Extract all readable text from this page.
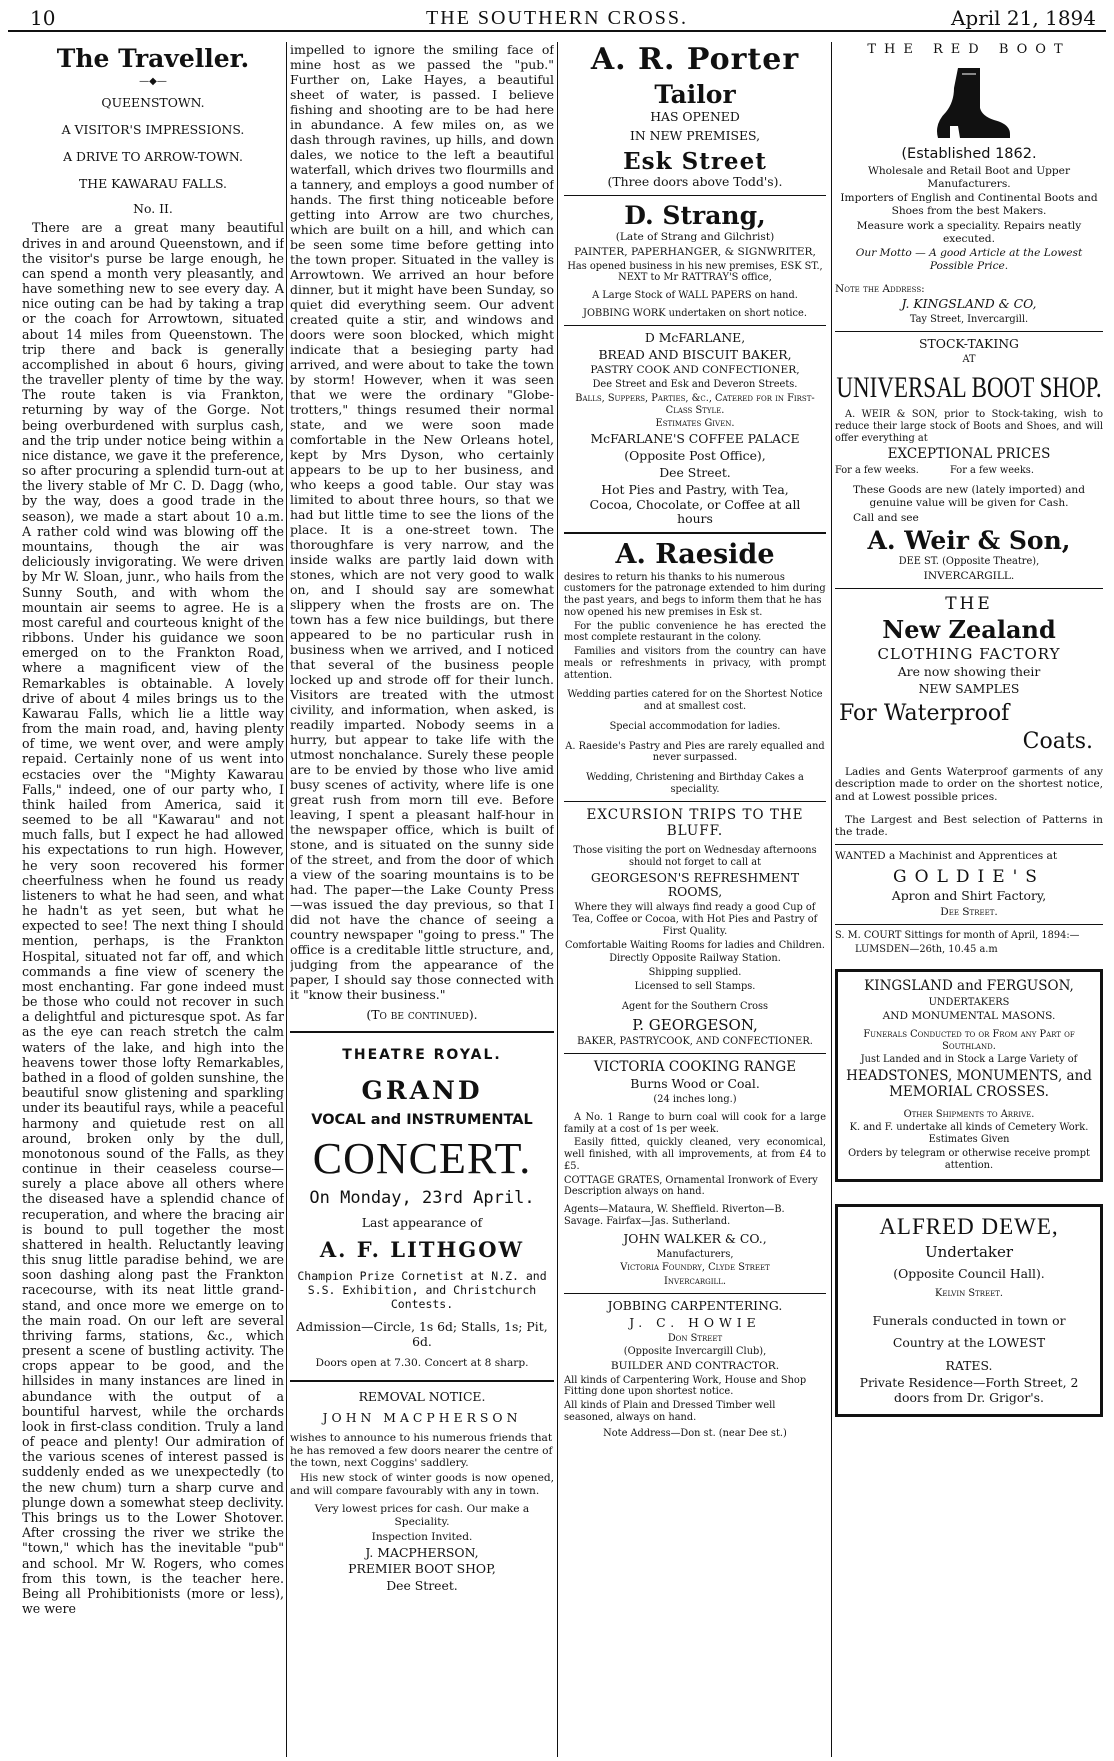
10	THE SOUTHERN CROSS.	April 21, 1894
The Traveller.
—◆—

QUEENSTOWN.

A VISITOR'S IMPRESSIONS.

A DRIVE TO ARROW-TOWN.

THE KAWARAU FALLS.

No. II.

There are a great many beautiful drives in and around Queenstown, and if the visitor's purse be large enough, he can spend a month very pleasantly, and have something new to see every day. A nice outing can be had by taking a trap or the coach for Arrowtown, situated about 14 miles from Queenstown. The trip there and back is generally accomplished in about 6 hours, giving the traveller plenty of time by the way. The route taken is via Frankton, returning by way of the Gorge. Not being overburdened with surplus cash, and the trip under notice being within a nice distance, we gave it the preference, so after procuring a splendid turn-out at the livery stable of Mr C. D. Dagg (who, by the way, does a good trade in the season), we made a start about 10 a.m. A rather cold wind was blowing off the mountains, though the air was deliciously invigorating. We were driven by Mr W. Sloan, junr., who hails from the Sunny South, and with whom the mountain air seems to agree. He is a most careful and courteous knight of the ribbons. Under his guidance we soon emerged on to the Frankton Road, where a magnificent view of the Remarkables is obtainable. A lovely drive of about 4 miles brings us to the Kawarau Falls, which lie a little way from the main road, and, having plenty of time, we went over, and were amply repaid. Certainly none of us went into ecstacies over the "Mighty Kawarau Falls," indeed, one of our party who, I think hailed from America, said it seemed to be all "Kawarau" and not much falls, but I expect he had allowed his expectations to run high. However, he very soon recovered his former cheerfulness when he found us ready listeners to what he had seen, and what he hadn't as yet seen, but what he expected to see! The next thing I should mention, perhaps, is the Frankton Hospital, situated not far off, and which commands a fine view of scenery the most enchanting. Far gone indeed must be those who could not recover in such a delightful and picturesque spot. As far as the eye can reach stretch the calm waters of the lake, and high into the heavens tower those lofty Remarkables, bathed in a flood of golden sunshine, the beautiful snow glistening and sparkling under its beautiful rays, while a peaceful harmony and quietude rest on all around, broken only by the dull, monotonous sound of the Falls, as they continue in their ceaseless course—surely a place above all others where the diseased have a splendid chance of recuperation, and where the bracing air is bound to pull together the most shattered in health. Reluctantly leaving this snug little paradise behind, we are soon dashing along past the Frankton racecourse, with its neat little grand-stand, and once more we emerge on to the main road. On our left are several thriving farms, stations, &c., which present a scene of bustling activity. The crops appear to be good, and the hillsides in many instances are lined in abundance with the output of a bountiful harvest, while the orchards look in first-class condition. Truly a land of peace and plenty! Our admiration of the various scenes of interest passed is suddenly ended as we unexpectedly (to the new chum) turn a sharp curve and plunge down a somewhat steep declivity. This brings us to the Lower Shotover. After crossing the river we strike the "town," which has the inevitable "pub" and school. Mr W. Rogers, who comes from this town, is the teacher here. Being all Prohibitionists (more or less), we were

impelled to ignore the smiling face of mine host as we passed the "pub." Further on, Lake Hayes, a beautiful sheet of water, is passed. I believe fishing and shooting are to be had here in abundance. A few miles on, as we dash through ravines, up hills, and down dales, we notice to the left a beautiful waterfall, which drives two flourmills and a tannery, and employs a good number of hands. The first thing noticeable before getting into Arrow are two churches, which are built on a hill, and which can be seen some time before getting into the town proper. Situated in the valley is Arrowtown. We arrived an hour before dinner, but it might have been Sunday, so quiet did everything seem. Our advent created quite a stir, and windows and doors were soon blocked, which might indicate that a besieging party had arrived, and were about to take the town by storm! However, when it was seen that we were the ordinary "Globe-trotters," things resumed their normal state, and we were soon made comfortable in the New Orleans hotel, kept by Mrs Dyson, who certainly appears to be up to her business, and who keeps a good table. Our stay was limited to about three hours, so that we had but little time to see the lions of the place. It is a one-street town. The thoroughfare is very narrow, and the inside walks are partly laid down with stones, which are not very good to walk on, and I should say are somewhat slippery when the frosts are on. The town has a few nice buildings, but there appeared to be no particular rush in business when we arrived, and I noticed that several of the business people locked up and strode off for their lunch. Visitors are treated with the utmost civility, and information, when asked, is readily imparted. Nobody seems in a hurry, but appear to take life with the utmost nonchalance. Surely these people are to be envied by those who live amid busy scenes of activity, where life is one great rush from morn till eve. Before leaving, I spent a pleasant half-hour in the newspaper office, which is built of stone, and is situated on the sunny side of the street, and from the door of which a view of the soaring mountains is to be had. The paper—the Lake County Press—was issued the day previous, so that I did not have the chance of seeing a country newspaper "going to press." The office is a creditable little structure, and, judging from the appearance of the paper, I should say those connected with it "know their business."

(To be continued).

THEATRE ROYAL.
GRAND
VOCAL and INSTRUMENTAL
CONCERT.
On Monday, 23rd April.
Last appearance of
A. F. LITHGOW

Champion Prize Cornetist at N.Z. and S.S. Exhibition, and Christchurch Contests.

Admission—Circle, 1s 6d; Stalls, 1s; Pit, 6d.

Doors open at 7.30. Concert at 8 sharp.

REMOVAL NOTICE.

JOHN MACPHERSON

wishes to announce to his numerous friends that he has removed a few doors nearer the centre of the town, next Coggins' saddlery.

His new stock of winter goods is now opened, and will compare favourably with any in town.

Very lowest prices for cash. Our make a Speciality.

Inspection Invited.

J. MACPHERSON,

PREMIER BOOT SHOP,

Dee Street.

A. R. Porter
Tailor

HAS OPENED

IN NEW PREMISES,

Esk Street

(Three doors above Todd's).

D. Strang,

(Late of Strang and Gilchrist)

PAINTER, PAPERHANGER, & SIGNWRITER,

Has opened business in his new premises, ESK ST., NEXT to Mr RATTRAY'S office,

A Large Stock of WALL PAPERS on hand.

JOBBING WORK undertaken on short notice.

D McFARLANE,

BREAD AND BISCUIT BAKER,

PASTRY COOK AND CONFECTIONER,

Dee Street and Esk and Deveron Streets.

Balls, Suppers, Parties, &c., Catered for in First-Class Style.

Estimates Given.

McFARLANE'S COFFEE PALACE

(Opposite Post Office),

Dee Street.

Hot Pies and Pastry, with Tea, Cocoa, Chocolate, or Coffee at all hours

A. Raeside

desires to return his thanks to his numerous customers for the patronage extended to him during the past years, and begs to inform them that he has now opened his new premises in Esk st.

For the public convenience he has erected the most complete restaurant in the colony.

Families and visitors from the country can have meals or refreshments in privacy, with prompt attention.

Wedding parties catered for on the Shortest Notice and at smallest cost.

Special accommodation for ladies.

A. Raeside's Pastry and Pies are rarely equalled and never surpassed.

Wedding, Christening and Birthday Cakes a speciality.

EXCURSION TRIPS TO THE BLUFF.

Those visiting the port on Wednesday afternoons should not forget to call at

GEORGESON'S REFRESHMENT ROOMS,

Where they will always find ready a good Cup of Tea, Coffee or Cocoa, with Hot Pies and Pastry of First Quality.

Comfortable Waiting Rooms for ladies and Children.

Directly Opposite Railway Station.

Shipping supplied.

Licensed to sell Stamps.

Agent for the Southern Cross

P. GEORGESON,

BAKER, PASTRYCOOK, AND CONFECTIONER.

VICTORIA COOKING RANGE

Burns Wood or Coal.

(24 inches long.)

A No. 1 Range to burn coal will cook for a large family at a cost of 1s per week.

Easily fitted, quickly cleaned, very economical, well finished, with all improvements, at from £4 to £5.

COTTAGE GRATES, Ornamental Ironwork of Every Description always on hand.

Agents—Mataura, W. Sheffield. Riverton—B. Savage. Fairfax—Jas. Sutherland.

JOHN WALKER & CO.,

Manufacturers,

Victoria Foundry, Clyde Street

Invercargill.

JOBBING CARPENTERING.

J. C. HOWIE

Don Street

(Opposite Invercargill Club),

BUILDER AND CONTRACTOR.

All kinds of Carpentering Work, House and Shop Fitting done upon shortest notice.

All kinds of Plain and Dressed Timber well seasoned, always on hand.

Note Address—Don st. (near Dee st.)

THE RED BOOT

(Established 1862.

Wholesale and Retail Boot and Upper Manufacturers.

Importers of English and Continental Boots and Shoes from the best Makers.

Measure work a speciality. Repairs neatly executed.

Our Motto — A good Article at the Lowest Possible Price.

Note the Address:

J. KINGSLAND & CO,

Tay Street, Invercargill.

STOCK-TAKING

AT

UNIVERSAL BOOT SHOP.

A. WEIR & SON, prior to Stock-taking, wish to reduce their large stock of Boots and Shoes, and will offer everything at

EXCEPTIONAL PRICES

For a few weeks.          For a few weeks.

These Goods are new (lately imported) and genuine value will be given for Cash.

Call and see

A. Weir & Son,

DEE ST. (Opposite Theatre),

INVERCARGILL.

THE

New Zealand

CLOTHING FACTORY

Are now showing their

NEW SAMPLES

For Waterproof

Coats.

Ladies and Gents Waterproof garments of any description made to order on the shortest notice, and at Lowest possible prices.

The Largest and Best selection of Patterns in the trade.

WANTED a Machinist and Apprentices at

GOLDIE'S

Apron and Shirt Factory,

Dee Street.

S. M. COURT Sittings for month of April, 1894:—

LUMSDEN—26th, 10.45 a.m

KINGSLAND and FERGUSON,

UNDERTAKERS

AND MONUMENTAL MASONS.

Funerals Conducted to or From any Part of Southland.

Just Landed and in Stock a Large Variety of

HEADSTONES, MONUMENTS, and MEMORIAL CROSSES.

Other Shipments to Arrive.

K. and F. undertake all kinds of Cemetery Work. Estimates Given

Orders by telegram or otherwise receive prompt attention.

ALFRED DEWE,

Undertaker

(Opposite Council Hall).

Kelvin Street.

Funerals conducted in town or

Country at the LOWEST

RATES.

Private Residence—Forth Street, 2 doors from Dr. Grigor's.
